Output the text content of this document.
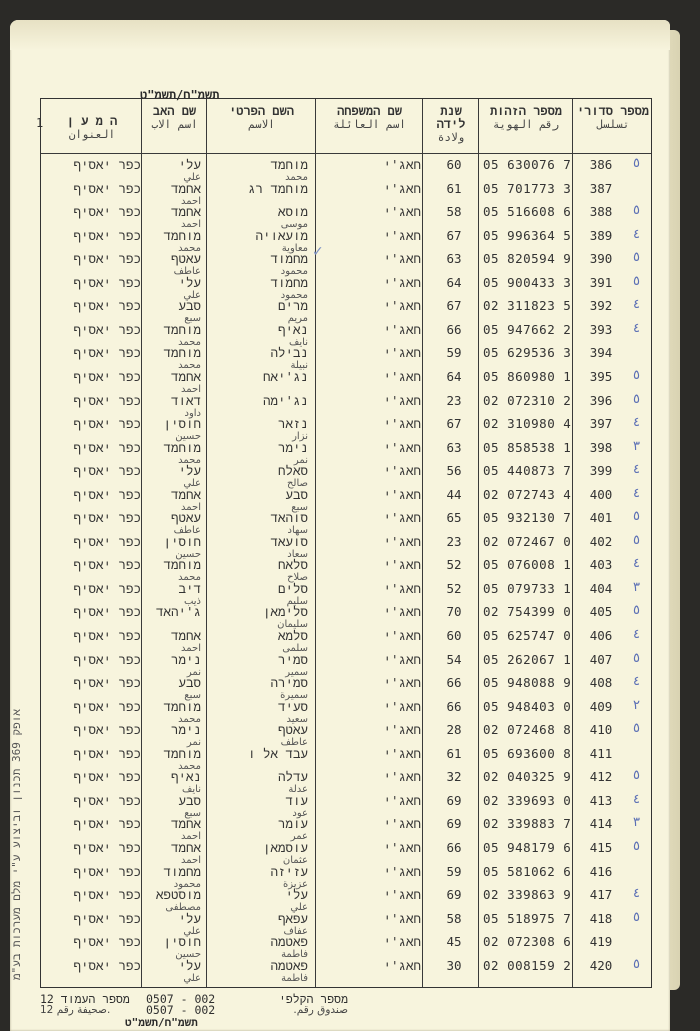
תשמ"ח/תשמ"ט
1
מספר סדורי
تسلسل
מספר הזהות
رقم الهوية
שנת לידה
ولادة
שם המשפחה
اسم العائلة
השם הפרטי
الاسم
שם האב
اسم الاب
ה מ ע ן
العنوان
٥
386
05 630076 7
60
חאג'י
מוחמד
محمد
עלי
علي
כפר יאסיף
387
05 701773 3
61
חאג'י
מוחמד רג
אחמד
احمد
כפר יאסיף
٥
388
05 516608 6
58
חאג'י
מוסא
موسى
אחמד
احمد
כפר יאסיף
٤
389
05 996364 5
67
חאג'י
מועאויה
معاوية
מוחמד
محمد
כפר יאסיף
٥
390
05 820594 9
63
חאג'י
מחמוד
محمود
עאטף
عاطف
כפר יאסיף
٥
391
05 900433 3
64
חאג'י
מחמוד
محمود
עלי
علي
כפר יאסיף
٤
392
02 311823 5
67
חאג'י
מרים
مريم
סבע
سبع
כפר יאסיף
٤
393
05 947662 2
66
חאג'י
נאיף
نايف
מוחמד
محمد
כפר יאסיף
394
05 629536 3
59
חאג'י
נבילה
نبيلة
מוחמד
محمد
כפר יאסיף
٥
395
05 860980 1
64
חאג'י
נג'יאח
אחמד
احمد
כפר יאסיף
٥
396
02 072310 2
23
חאג'י
נג'ימה
דאוד
داود
כפר יאסיף
٤
397
02 310980 4
67
חאג'י
נזאר
نزار
חוסין
حسين
כפר יאסיף
٣
398
05 858538 1
63
חאג'י
נימר
نمر
מוחמד
محمد
כפר יאסיף
٤
399
05 440873 7
56
חאג'י
סאלח
صالح
עלי
علي
כפר יאסיף
٤
400
02 072743 4
44
חאג'י
סבע
سبع
אחמד
احمد
כפר יאסיף
٥
401
05 932130 7
65
חאג'י
סוהאד
سهاد
עאטף
عاطف
כפר יאסיף
٥
402
02 072467 0
23
חאג'י
סועאד
سعاد
חוסין
حسين
כפר יאסיף
٤
403
05 076008 1
52
חאג'י
סלאח
صلاح
מוחמד
محمد
כפר יאסיף
٣
404
05 079733 1
52
חאג'י
סלים
سليم
דיב
ذيب
כפר יאסיף
٥
405
02 754399 0
70
חאג'י
סלימאן
سليمان
ג'יהאד
כפר יאסיף
٤
406
05 625747 0
60
חאג'י
סלמא
سلمى
אחמד
احمد
כפר יאסיף
٥
407
05 262067 1
54
חאג'י
סמיר
سمير
נימר
نمر
כפר יאסיף
٤
408
05 948088 9
66
חאג'י
סמירה
سميرة
סבע
سبع
כפר יאסיף
٢
409
05 948403 0
66
חאג'י
סעיד
سعيد
מוחמד
محمد
כפר יאסיף
٥
410
02 072468 8
28
חאג'י
עאטף
عاطف
נימר
نمر
כפר יאסיף
411
05 693600 8
61
חאג'י
עבד אל ו
מוחמד
محمد
כפר יאסיף
٥
412
02 040325 9
32
חאג'י
עדלה
عدلة
נאיף
نايف
כפר יאסיף
٤
413
02 339693 0
69
חאג'י
עוד
عود
סבע
سبع
כפר יאסיף
٣
414
02 339883 7
69
חאג'י
עומר
عمر
אחמד
احمد
כפר יאסיף
٥
415
05 948179 6
66
חאג'י
עוסמאן
عثمان
אחמד
احمد
כפר יאסיף
416
05 581062 6
59
חאג'י
עזיזה
عزيزة
מחמוד
محمود
כפר יאסיף
٤
417
02 339863 9
69
חאג'י
עלי
علي
מוסטפא
مصطفى
כפר יאסיף
٥
418
05 518975 7
58
חאג'י
עפאף
عفاف
עלי
علي
כפר יאסיף
419
02 072308 6
45
חאג'י
פאטמה
فاطمة
חוסין
حسين
כפר יאסיף
٥
420
02 008159 2
30
חאג'י
פאטמה
فاطمة
עלי
علي
כפר יאסיף
✓
אופק 369 תכנון וביצוע ע"י מלם מערכות בע"מ
12 מספר העמוד
12 صحيفة رقم.
0507 - 002
0507 - 002
מספר הקלפי
صندوق رقم.
תשמ"ח/תשמ"ט
